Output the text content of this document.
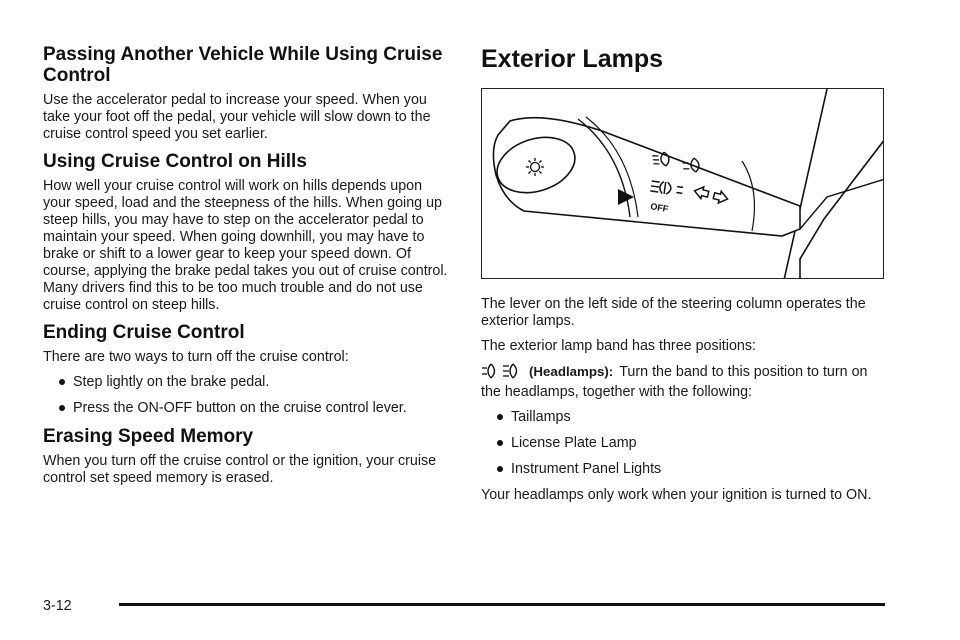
Passing Another Vehicle While Using Cruise Control

Use the accelerator pedal to increase your speed. When you take your foot off the pedal, your vehicle will slow down to the cruise control speed you set earlier.

Using Cruise Control on Hills

How well your cruise control will work on hills depends upon your speed, load and the steepness of the hills. When going up steep hills, you may have to step on the accelerator pedal to maintain your speed. When going downhill, you may have to brake or shift to a lower gear to keep your speed down. Of course, applying the brake pedal takes you out of cruise control. Many drivers find this to be too much trouble and do not use cruise control on steep hills.

Ending Cruise Control

There are two ways to turn off the cruise control:

Step lightly on the brake pedal.
Press the ON-OFF button on the cruise control lever.
Erasing Speed Memory

When you turn off the cruise control or the ignition, your cruise control set speed memory is erased.

Exterior Lamps
OFF

The lever on the left side of the steering column operates the exterior lamps.

The exterior lamp band has three positions:

(Headlamps): Turn the band to this position to turn on the headlamps, together with the following:
Taillamps
License Plate Lamp
Instrument Panel Lights

Your headlamps only work when your ignition is turned to ON.

3-12
